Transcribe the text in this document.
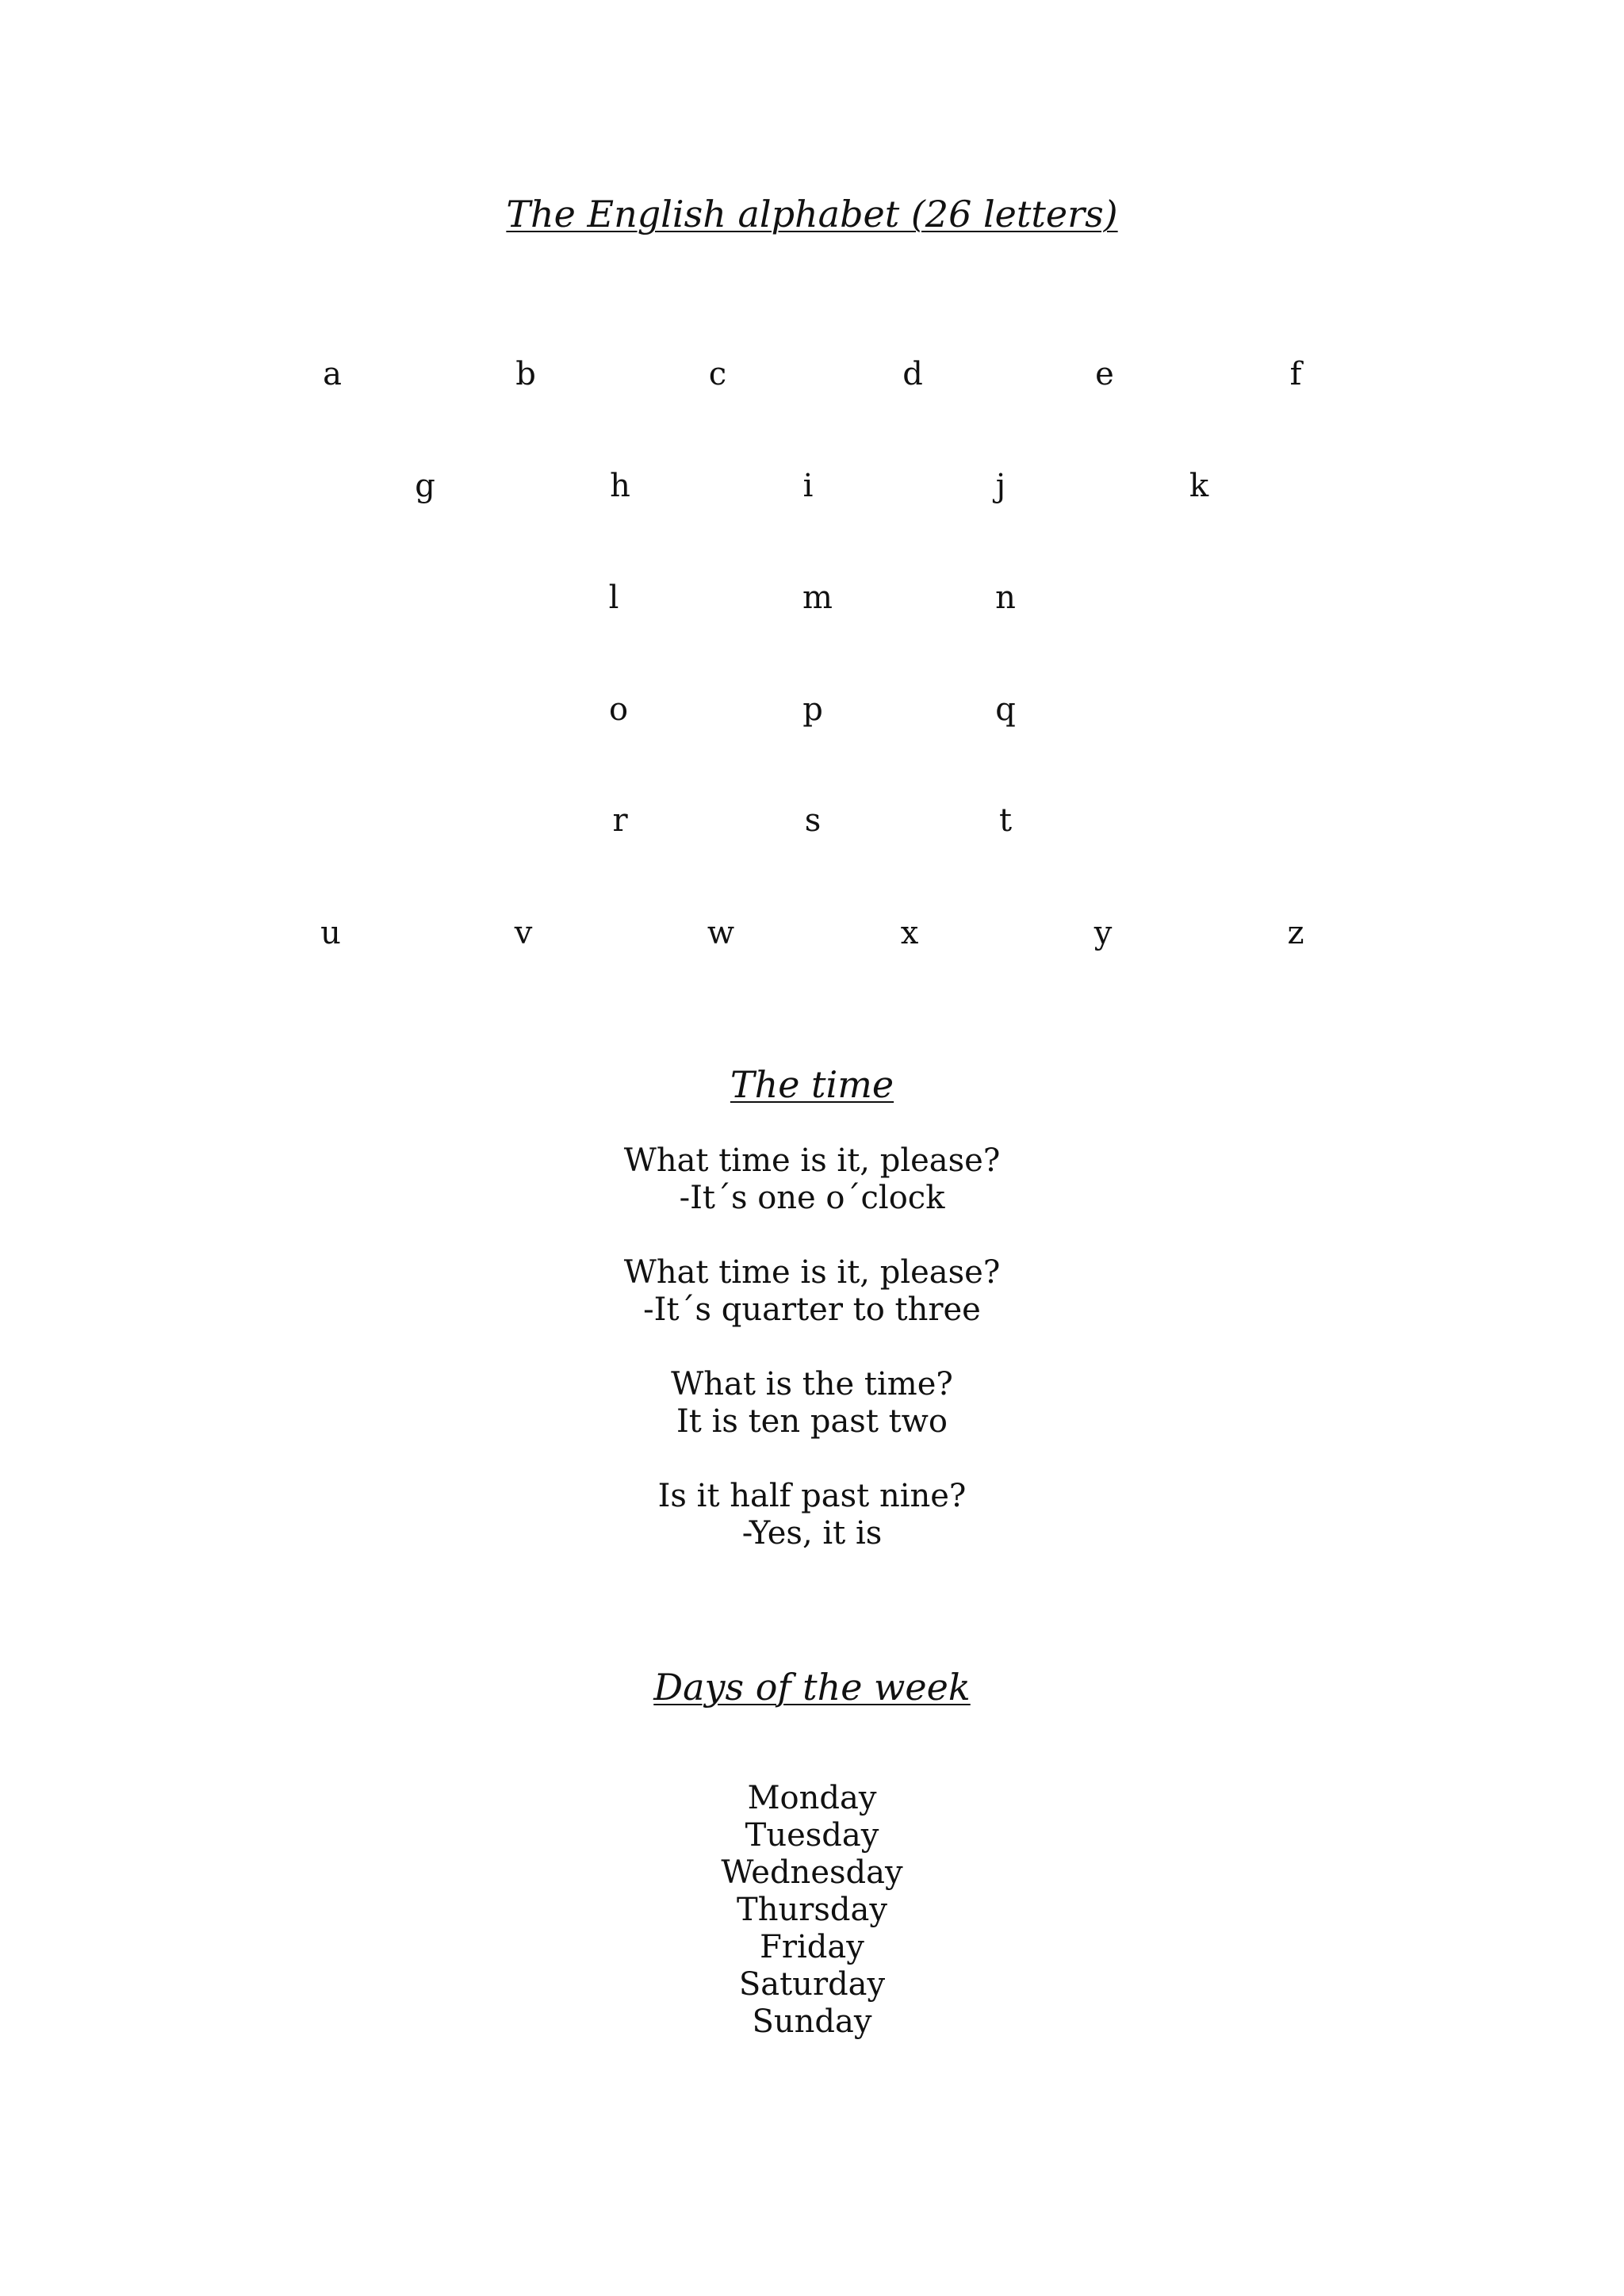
The English alphabet (26 letters)
a	b	c	d	e	f
g	h	i	j	k
l	m	n
o	p	q
r	s	t
u	v	w	x	y	z
The time
What time is it, please?
-It´s one o´clock
What time is it, please?
-It´s quarter to three
What is the time?
It is ten past two
Is it half past nine?
-Yes, it is
Days of the week
Monday
Tuesday
Wednesday
Thursday
Friday
Saturday
Sunday
